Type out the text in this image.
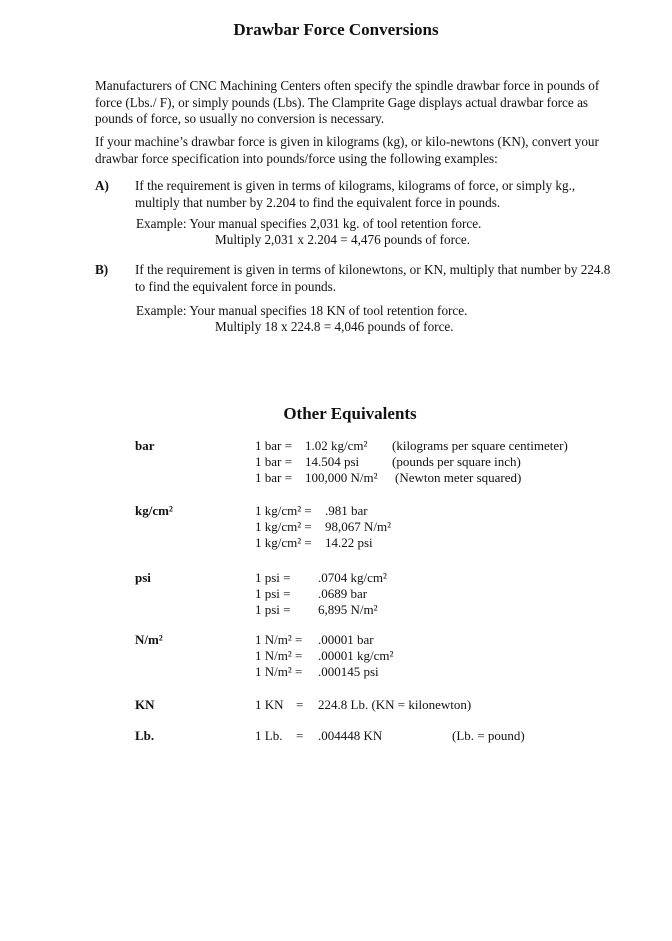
Drawbar Force Conversions
Manufacturers of CNC Machining Centers often specify the spindle drawbar force in pounds of force (Lbs./ F), or simply pounds (Lbs). The Clamprite Gage displays actual drawbar force as pounds of force, so usually no conversion is necessary.
If your machine’s drawbar force is given in kilograms (kg), or kilo-newtons (KN), convert your drawbar force specification into pounds/force using the following examples:
A) If the requirement is given in terms of kilograms, kilograms of force, or simply kg., multiply that number by 2.204 to find the equivalent force in pounds.
Example: Your manual specifies 2,031 kg. of tool retention force.
Multiply 2,031 x 2.204 = 4,476 pounds of force.
B) If the requirement is given in terms of kilonewtons, or KN, multiply that number by 224.8 to find the equivalent force in pounds.
Example: Your manual specifies 18 KN of tool retention force.
Multiply 18 x 224.8 = 4,046 pounds of force.
Other Equivalents
bar	1 bar = 1.02 kg/cm² (kilograms per square centimeter)
1 bar = 14.504 psi	(pounds per square inch)
1 bar = 100,000 N/m² (Newton meter squared)
kg/cm²	1 kg/cm² = .981 bar
1 kg/cm² = 98,067 N/m²
1 kg/cm² = 14.22 psi
psi	1 psi = .0704 kg/cm²
1 psi = .0689 bar
1 psi = 6,895 N/m²
N/m²	1 N/m² = .00001 bar
1 N/m² = .00001 kg/cm²
1 N/m² = .000145 psi
KN	1 KN = 224.8 Lb. (KN = kilonewton)
Lb.	1 Lb. = .004448 KN	(Lb. = pound)
